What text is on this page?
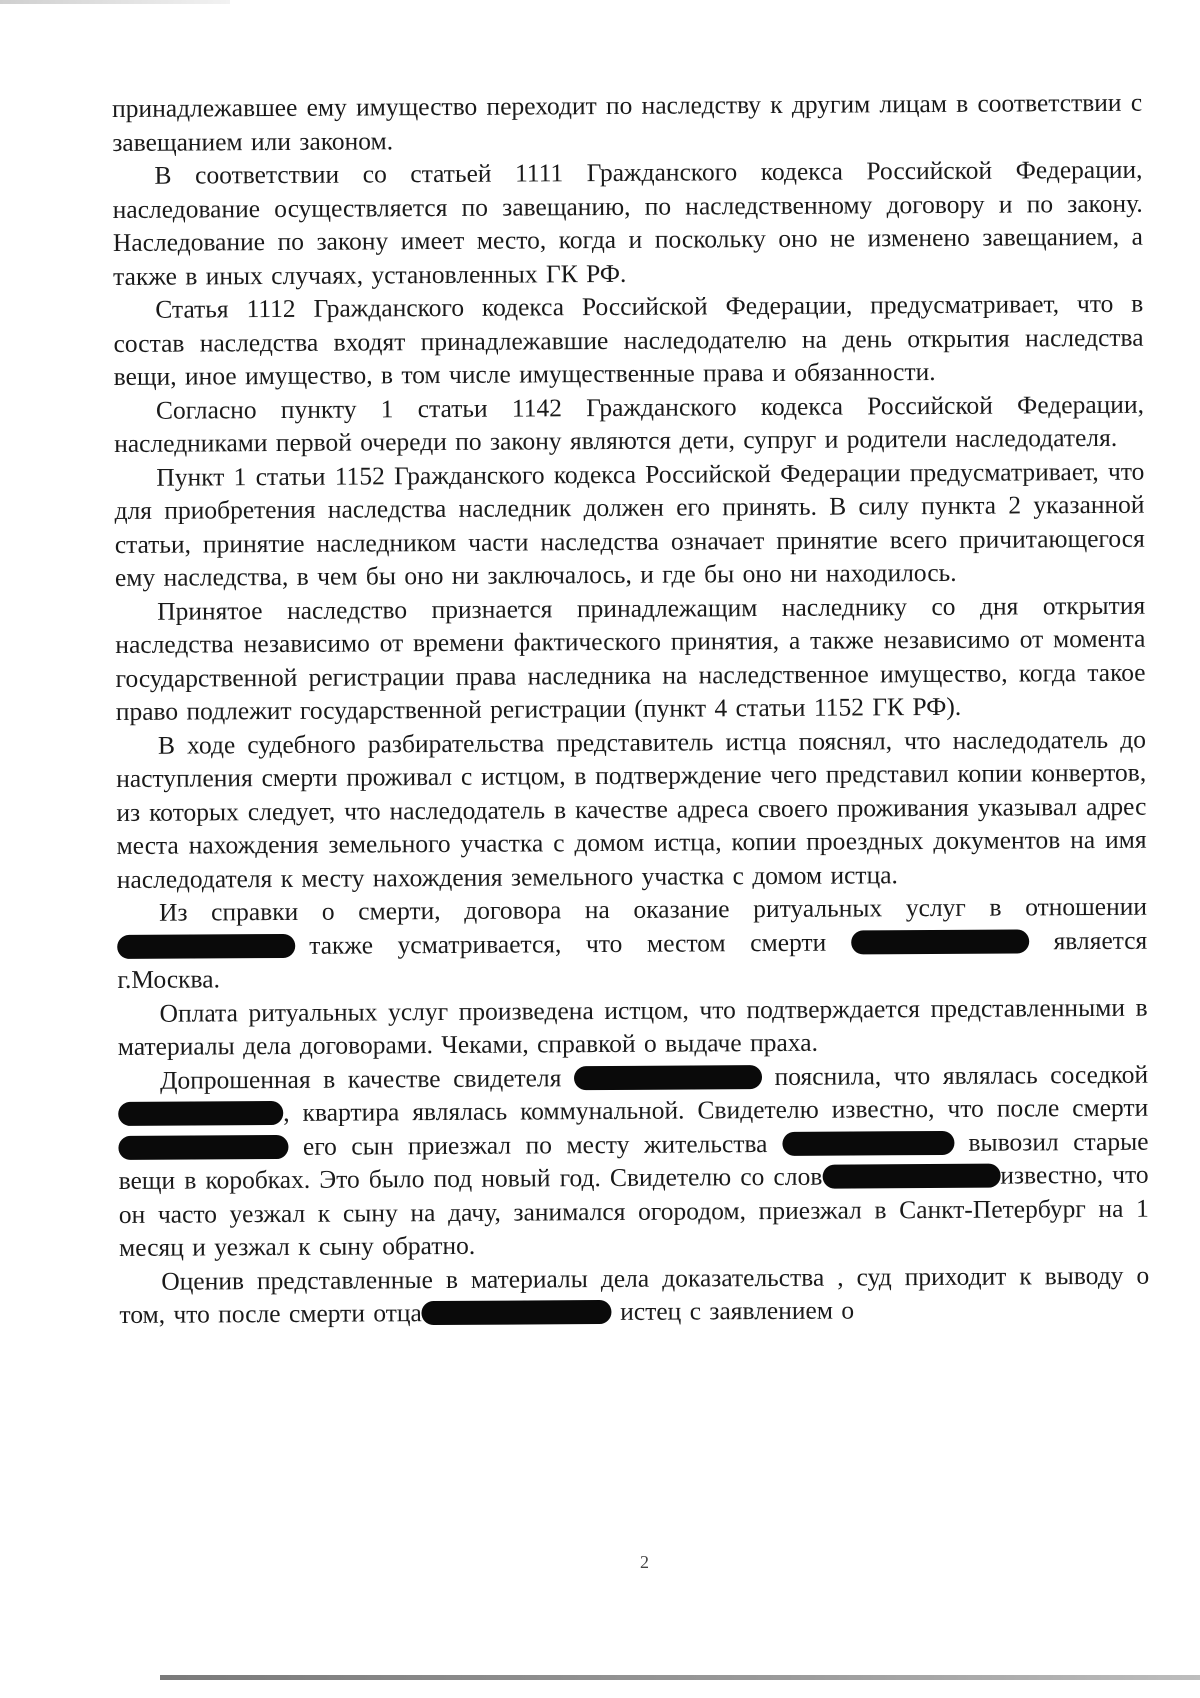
принадлежавшее ему имущество переходит по наследству к другим лицам в соответствии с завещанием или законом.

В соответствии со статьей 1111 Гражданского кодекса Российской Федерации, наследование осуществляется по завещанию, по наследственному договору и по закону. Наследование по закону имеет место, когда и поскольку оно не изменено завещанием, а также в иных случаях, установленных ГК РФ.

Статья 1112 Гражданского кодекса Российской Федерации, предусматривает, что в состав наследства входят принадлежавшие наследодателю на день открытия наследства вещи, иное имущество, в том числе имущественные права и обязанности.

Согласно пункту 1 статьи 1142 Гражданского кодекса Российской Федерации, наследниками первой очереди по закону являются дети, супруг и родители наследодателя.

Пункт 1 статьи 1152 Гражданского кодекса Российской Федерации предусматривает, что для приобретения наследства наследник должен его принять. В силу пункта 2 указанной статьи, принятие наследником части наследства означает принятие всего причитающегося ему наследства, в чем бы оно ни заключалось, и где бы оно ни находилось.

Принятое наследство признается принадлежащим наследнику со дня открытия наследства независимо от времени фактического принятия, а также независимо от момента государственной регистрации права наследника на наследственное имущество, когда такое право подлежит государственной регистрации (пункт 4 статьи 1152 ГК РФ).

В ходе судебного разбирательства представитель истца пояснял, что наследодатель до наступления смерти проживал с истцом, в подтверждение чего представил копии конвертов, из которых следует, что наследодатель в качестве адреса своего проживания указывал адрес места нахождения земельного участка с домом истца, копии проездных документов на имя наследодателя к месту нахождения земельного участка с домом истца.

Из справки о смерти, договора на оказание ритуальных услуг в отношении также усматривается, что местом смерти	является г.Москва.

Оплата ритуальных услуг произведена истцом, что подтверждается представленными в материалы дела договорами. Чеками, справкой о выдаче праха.

Допрошенная в качестве свидетеля	пояснила, что являлась соседкой , квартира являлась коммунальной. Свидетелю известно, что после смерти  его сын приезжал по месту жительства	вывозил старые вещи в коробках. Это было под новый год. Свидетелю со слов	известно, что он часто уезжал к сыну на дачу, занимался огородом, приезжал в Санкт-Петербург на 1 месяц и уезжал к сыну обратно.

Оценив представленные в материалы дела доказательства , суд приходит к выводу о том, что после смерти отца	истец с заявлением о

2
